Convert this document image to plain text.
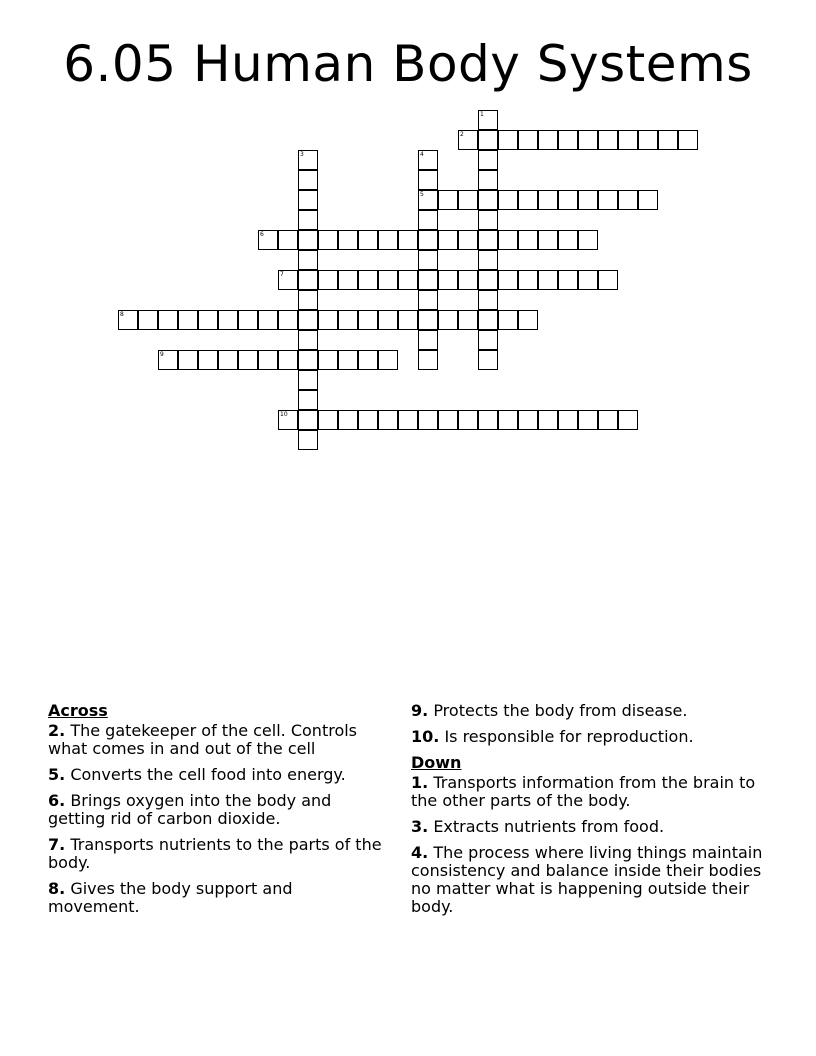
6.05 Human Body Systems
1
2
3	4
5
6
7
8
9
10
Across
2. The gatekeeper of the cell. Controls what comes in and out of the cell
5. Converts the cell food into energy.
6. Brings oxygen into the body and getting rid of carbon dioxide.
7. Transports nutrients to the parts of the body.
8. Gives the body support and movement.
9. Protects the body from disease.
10. Is responsible for reproduction.
Down
1. Transports information from the brain to the other parts of the body.
3. Extracts nutrients from food.
4. The process where living things maintain consistency and balance inside their bodies no matter what is happening outside their body.
